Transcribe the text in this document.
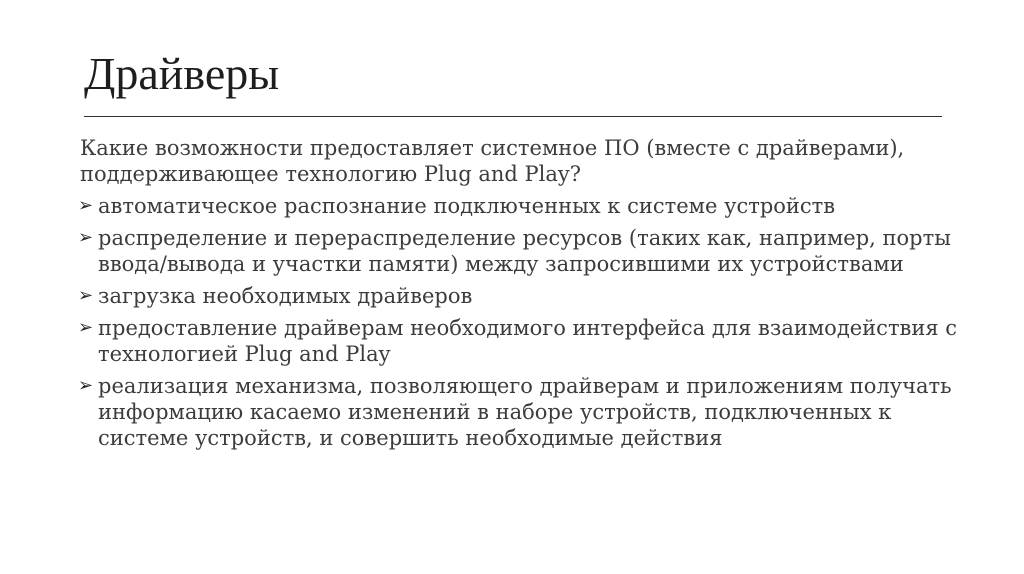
Драйверы

Какие возможности предоставляет системное ПО (вместе с драйверами), поддерживающее технологию Plug and Play?

➢ автоматическое распознание подключенных к системе устройств
➢ распределение и перераспределение ресурсов (таких как, например, порты ввода/вывода и участки памяти) между запросившими их устройствами
➢ загрузка необходимых драйверов
➢ предоставление драйверам необходимого интерфейса для взаимодействия с технологией Plug and Play
➢ реализация механизма, позволяющего драйверам и приложениям получать информацию касаемо изменений в наборе устройств, подключенных к системе устройств, и совершить необходимые действия
